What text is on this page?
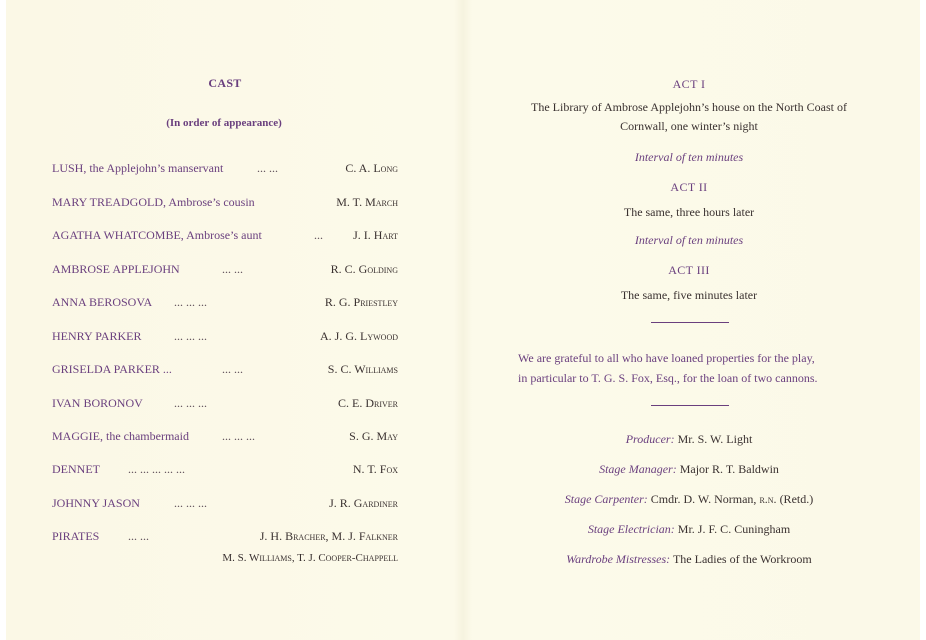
CAST
(In order of appearance)
LUSH, the Applejohn’s manservant	... ...	C. A. Long
MARY TREADGOLD, Ambrose’s cousin	M. T. March
AGATHA WHATCOMBE, Ambrose’s aunt	...	J. I. Hart
AMBROSE APPLEJOHN	... ...	R. C. Golding
ANNA BEROSOVA ... ... ...	R. G. Priestley
HENRY PARKER	... ... ...	A. J. G. Lywood
GRISELDA PARKER ...	... ...	S. C. Williams
IVAN BORONOV	... ... ...	C. E. Driver
MAGGIE, the chambermaid	... ... ...	S. G. May
DENNET ... ... ... ... ...	N. T. Fox
JOHNNY JASON	... ... ...	J. R. Gardiner
PIRATES ... ...	J. H. Bracher, M. J. Falkner
M. S. Williams, T. J. Cooper-Chappell
ACT I
The Library of Ambrose Applejohn’s house on the North Coast of
Cornwall, one winter’s night
Interval of ten minutes
ACT II
The same, three hours later
Interval of ten minutes
ACT III
The same, five minutes later
We are grateful to all who have loaned properties for the play,
in particular to T. G. S. Fox, Esq., for the loan of two cannons.
Producer: Mr. S. W. Light
Stage Manager: Major R. T. Baldwin
Stage Carpenter: Cmdr. D. W. Norman, r.n. (Retd.)
Stage Electrician: Mr. J. F. C. Cuningham
Wardrobe Mistresses: The Ladies of the Workroom
